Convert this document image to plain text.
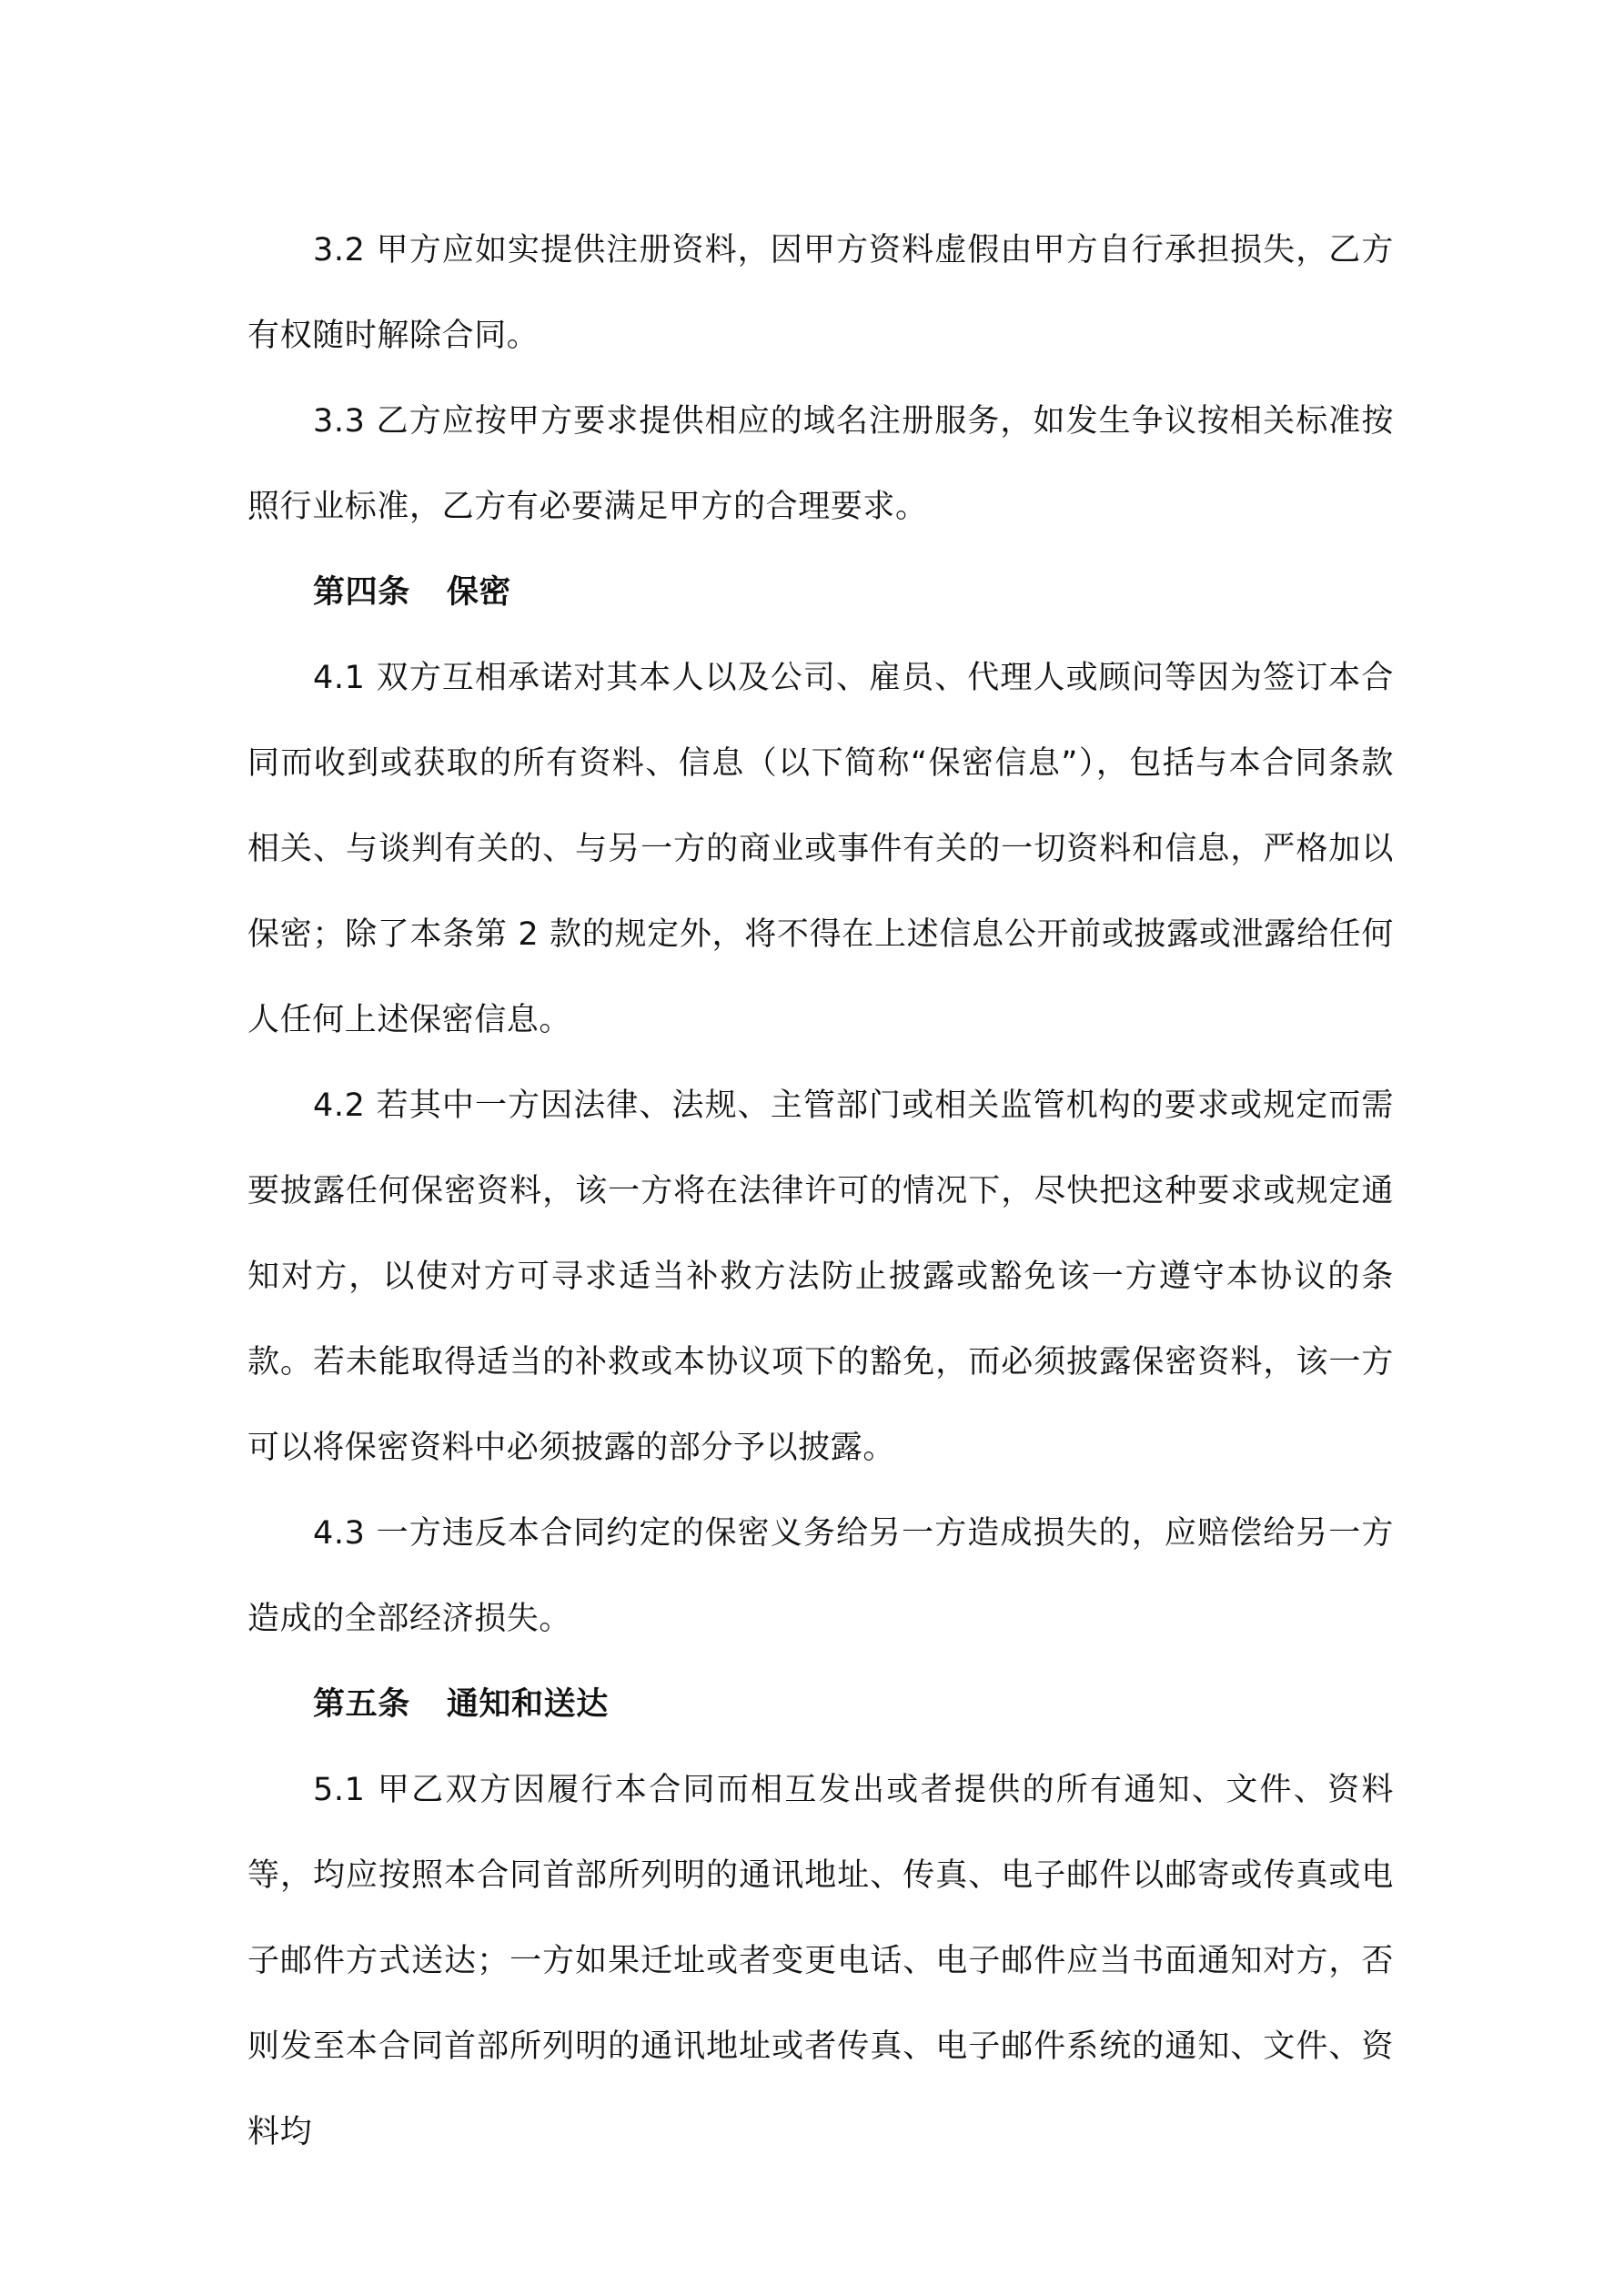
3.2 甲方应如实提供注册资料，因甲方资料虚假由甲方自行承担损失，乙方有权随时解除合同。

3.3 乙方应按甲方要求提供相应的域名注册服务，如发生争议按相关标准按照行业标准，乙方有必要满足甲方的合理要求。

第四条 保密

4.1 双方互相承诺对其本人以及公司、雇员、代理人或顾问等因为签订本合同而收到或获取的所有资料、信息（以下简称“保密信息”），包括与本合同条款相关、与谈判有关的、与另一方的商业或事件有关的一切资料和信息，严格加以保密；除了本条第 2 款的规定外，将不得在上述信息公开前或披露或泄露给任何人任何上述保密信息。

4.2 若其中一方因法律、法规、主管部门或相关监管机构的要求或规定而需要披露任何保密资料，该一方将在法律许可的情况下，尽快把这种要求或规定通知对方，以使对方可寻求适当补救方法防止披露或豁免该一方遵守本协议的条款。若未能取得适当的补救或本协议项下的豁免，而必须披露保密资料，该一方可以将保密资料中必须披露的部分予以披露。

4.3 一方违反本合同约定的保密义务给另一方造成损失的，应赔偿给另一方造成的全部经济损失。

第五条 通知和送达

5.1 甲乙双方因履行本合同而相互发出或者提供的所有通知、文件、资料等，均应按照本合同首部所列明的通讯地址、传真、电子邮件以邮寄或传真或电子邮件方式送达；一方如果迁址或者变更电话、电子邮件应当书面通知对方，否则发至本合同首部所列明的通讯地址或者传真、电子邮件系统的通知、文件、资料均
